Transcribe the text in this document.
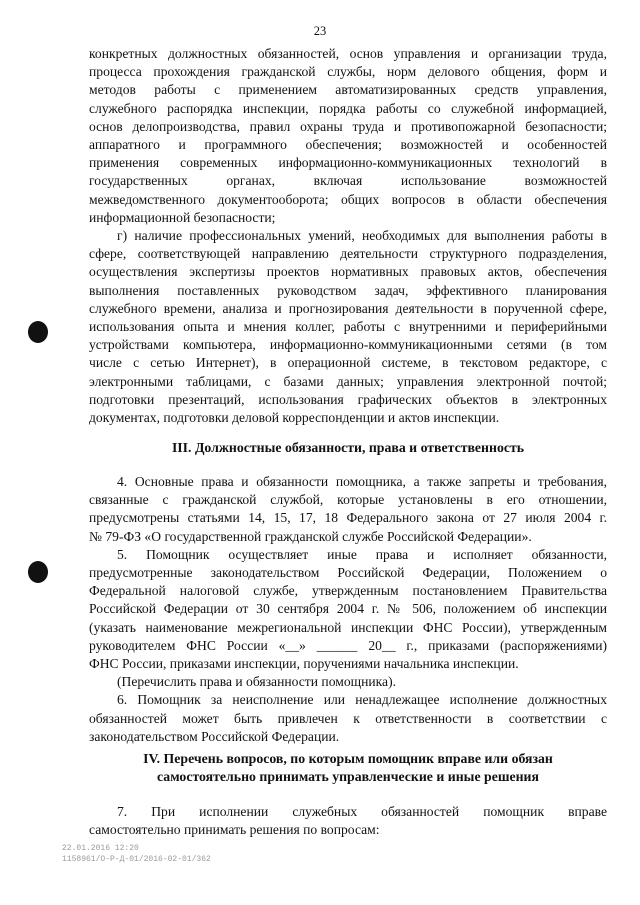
23

конкретных должностных обязанностей, основ управления и организации труда,

процесса прохождения гражданской службы, норм делового общения, форм и

методов работы с применением автоматизированных средств управления,

служебного распорядка инспекции, порядка работы со служебной информацией,

основ делопроизводства, правил охраны труда и противопожарной безопасности;

аппаратного и программного обеспечения; возможностей и особенностей

применения современных информационно-коммуникационных технологий в

государственных органах, включая использование возможностей

межведомственного документооборота; общих вопросов в области обеспечения

информационной безопасности;

г) наличие профессиональных умений, необходимых для выполнения работы в

сфере, соответствующей направлению деятельности структурного подразделения,

осуществления экспертизы проектов нормативных правовых актов, обеспечения

выполнения поставленных руководством задач, эффективного планирования

служебного времени, анализа и прогнозирования деятельности в порученной сфере,

использования опыта и мнения коллег, работы с внутренними и периферийными

устройствами компьютера, информационно-коммуникационными сетями (в том

числе с сетью Интернет), в операционной системе, в текстовом редакторе, с

электронными таблицами, с базами данных; управления электронной почтой;

подготовки презентаций, использования графических объектов в электронных

документах, подготовки деловой корреспонденции и актов инспекции.

III. Должностные обязанности, права и ответственность

4. Основные права и обязанности помощника, а также запреты и требования,

связанные с гражданской службой, которые установлены в его отношении,

предусмотрены статьями 14, 15, 17, 18 Федерального закона от 27 июля 2004 г.

№ 79-ФЗ «О государственной гражданской службе Российской Федерации».

5. Помощник осуществляет иные права и исполняет обязанности,

предусмотренные законодательством Российской Федерации, Положением о

Федеральной налоговой службе, утвержденным постановлением Правительства

Российской Федерации от 30 сентября 2004 г. № 506, положением об инспекции

(указать наименование межрегиональной инспекции ФНС России), утвержденным

руководителем ФНС России «__» ______ 20__ г., приказами (распоряжениями)

ФНС России, приказами инспекции, поручениями начальника инспекции.

(Перечислить права и обязанности помощника).

6. Помощник за неисполнение или ненадлежащее исполнение должностных

обязанностей может быть привлечен к ответственности в соответствии с

законодательством Российской Федерации.

IV. Перечень вопросов, по которым помощник вправе или обязан

самостоятельно принимать управленческие и иные решения

7. При исполнении служебных обязанностей помощник вправе

самостоятельно принимать решения по вопросам:

22.01.2016 12:20
1158961/О-Р-Д-01/2016-02-01/362
